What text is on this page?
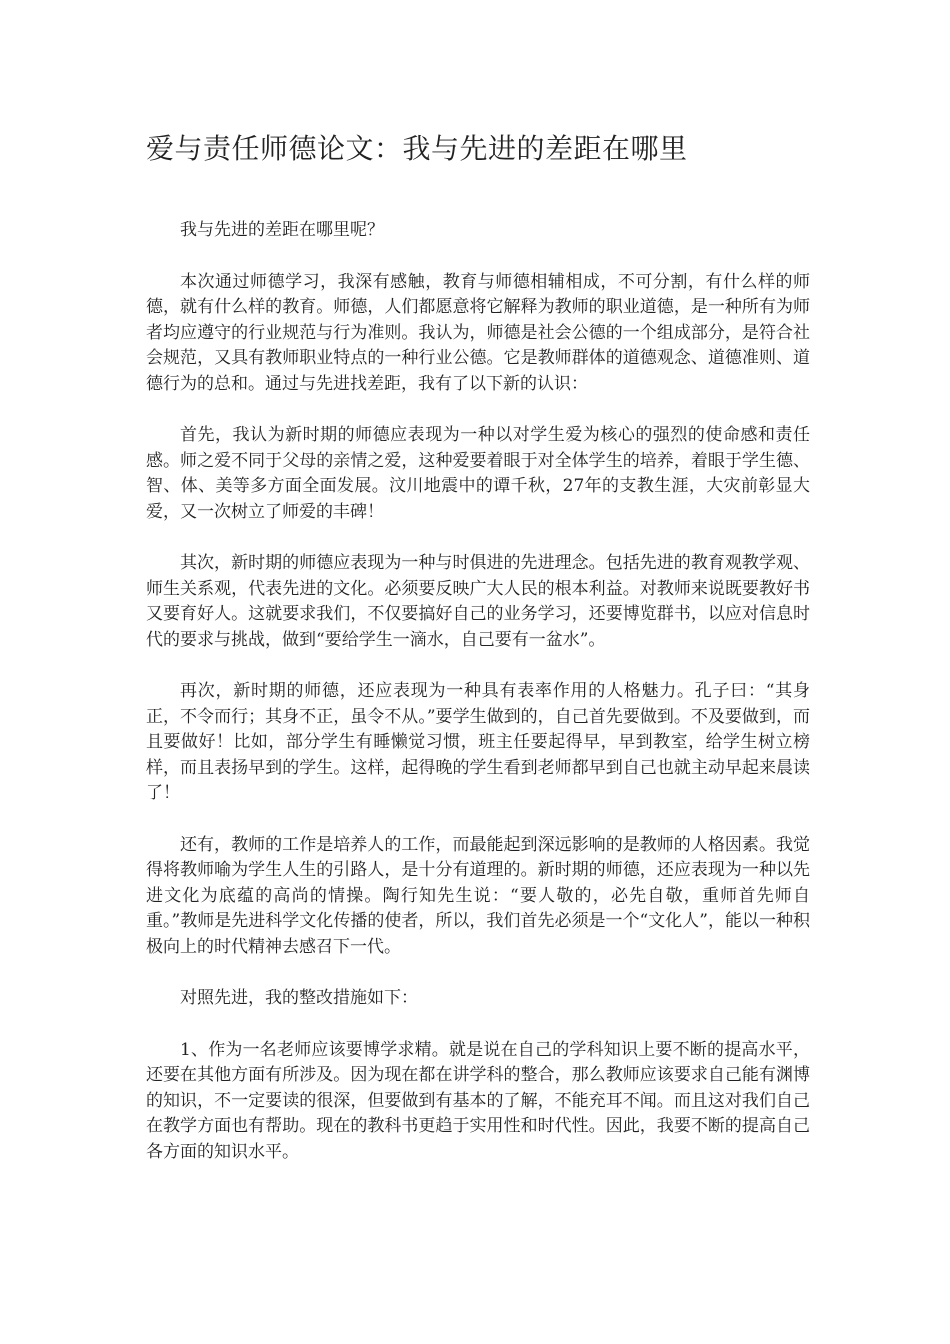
爱与责任师德论文：我与先进的差距在哪里

我与先进的差距在哪里呢？

本次通过师德学习，我深有感触，教育与师德相辅相成，不可分割，有什么样的师德，就有什么样的教育。师德，人们都愿意将它解释为教师的职业道德，是一种所有为师者均应遵守的行业规范与行为准则。我认为，师德是社会公德的一个组成部分，是符合社会规范，又具有教师职业特点的一种行业公德。它是教师群体的道德观念、道德准则、道德行为的总和。通过与先进找差距，我有了以下新的认识：

首先，我认为新时期的师德应表现为一种以对学生爱为核心的强烈的使命感和责任感。师之爱不同于父母的亲情之爱，这种爱要着眼于对全体学生的培养，着眼于学生德、智、体、美等多方面全面发展。汶川地震中的谭千秋，27年的支教生涯，大灾前彰显大爱，又一次树立了师爱的丰碑！

其次，新时期的师德应表现为一种与时俱进的先进理念。包括先进的教育观教学观、师生关系观，代表先进的文化。必须要反映广大人民的根本利益。对教师来说既要教好书又要育好人。这就要求我们，不仅要搞好自己的业务学习，还要博览群书，以应对信息时代的要求与挑战，做到“要给学生一滴水，自己要有一盆水”。

再次，新时期的师德，还应表现为一种具有表率作用的人格魅力。孔子曰：“其身正，不令而行；其身不正，虽令不从。”要学生做到的，自己首先要做到。不及要做到，而且要做好！比如，部分学生有睡懒觉习惯，班主任要起得早，早到教室，给学生树立榜样，而且表扬早到的学生。这样，起得晚的学生看到老师都早到自己也就主动早起来晨读了！

还有，教师的工作是培养人的工作，而最能起到深远影响的是教师的人格因素。我觉得将教师喻为学生人生的引路人，是十分有道理的。新时期的师德，还应表现为一种以先进文化为底蕴的高尚的情操。陶行知先生说：“要人敬的，必先自敬，重师首先师自重。”教师是先进科学文化传播的使者，所以，我们首先必须是一个“文化人”，能以一种积极向上的时代精神去感召下一代。

对照先进，我的整改措施如下：

1、作为一名老师应该要博学求精。就是说在自己的学科知识上要不断的提高水平，还要在其他方面有所涉及。因为现在都在讲学科的整合，那么教师应该要求自己能有渊博的知识，不一定要读的很深，但要做到有基本的了解，不能充耳不闻。而且这对我们自己在教学方面也有帮助。现在的教科书更趋于实用性和时代性。因此，我要不断的提高自己各方面的知识水平。
